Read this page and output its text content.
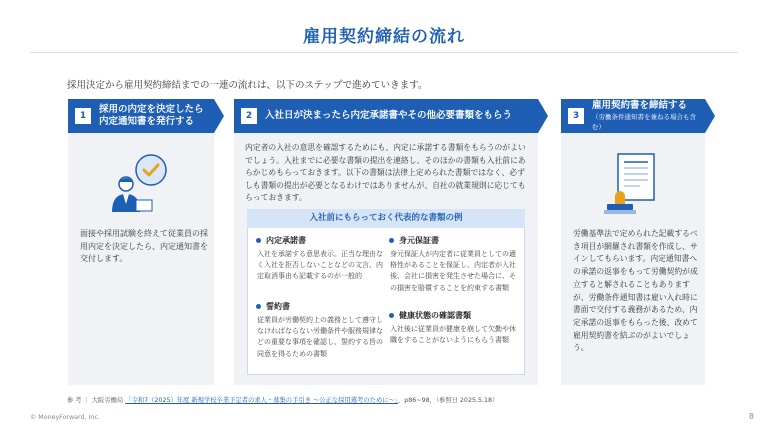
雇用契約締結の流れ
採用決定から雇用契約締結までの一連の流れは、以下のステップで進めていきます。
1
採用の内定を決定したら
内定通知書を発行する	2	入社日が決まったら内定承諾書やその他必要書類をもらう	3
雇用契約書を締結する
（労働条件通知書を兼ねる場合も含む）
面接や採用試験を終えて従業員の採用内定を決定したら、内定通知書を交付します。
内定者の入社の意思を確認するためにも、内定に承諾する書類をもらうのがよいでしょう。入社までに必要な書類の提出を連絡し、そのほかの書類も入社前にあらかじめもらっておきます。以下の書類は法律上定められた書類ではなく、必ずしも書類の提出が必要となるわけではありませんが、自社の就業規則に応じてもらっておきます。
入社前にもらっておく代表的な書類の例
内定承諾書
入社を承諾する意思表示。正当な理由なく入社を拒否しないことなどの文言、内定取消事由も記載するのが一般的
誓約書
従業員が労働契約上の義務として遵守しなければならない労働条件や服務規律などの重要な事項を確認し、誓約する旨の同意を得るための書類
身元保証書
身元保証人が内定者に従業員としての適格性があることを保証し、内定者が入社後、会社に損害を発生させた場合に、その損害を賠償することを約束する書類
健康状態の確認書類
入社後に従業員が健康を崩して欠勤や休職をすることがないようにもらう書類
労働基準法で定められた記載するべき項目が網羅され書類を作成し、サインしてもらいます。内定通知書への承諾の返事をもって労働契約が成立すると解されることもありますが、労働条件通知書は雇い入れ時に書面で交付する義務があるため、内定承諾の返事をもらった後、改めて雇用契約書を結ぶのがよいでしょう。
参 考 | 大阪労働局 「令和7（2025）年度 新規学校卒業予定者の求人・募集の手引き ～公正な採用選考のために～」，p86~98，（参照日 2025.5.18）
© MoneyForward, Inc.	8
